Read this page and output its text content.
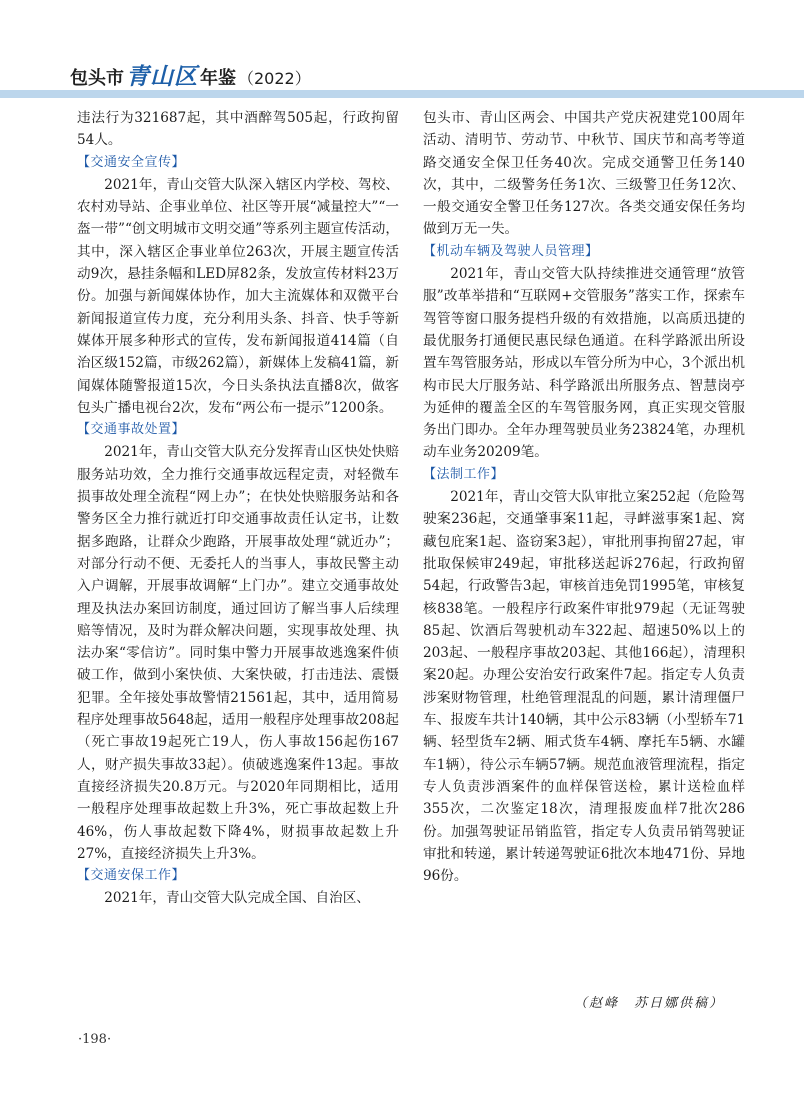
包头市青山区 年鉴 （2022）

违法行为321687起，其中酒醉驾505起，行政拘留54人。

【交通安全宣传】

2021年，青山交管大队深入辖区内学校、驾校、农村劝导站、企事业单位、社区等开展“减量控大”“一盔一带”“创文明城市文明交通”等系列主题宣传活动，其中，深入辖区企事业单位263次，开展主题宣传活动9次，悬挂条幅和LED屏82条，发放宣传材料23万份。加强与新闻媒体协作，加大主流媒体和双微平台新闻报道宣传力度，充分利用头条、抖音、快手等新媒体开展多种形式的宣传，发布新闻报道414篇（自治区级152篇，市级262篇），新媒体上发稿41篇，新闻媒体随警报道15次，今日头条执法直播8次，做客包头广播电视台2次，发布“两公布一提示”1200条。

【交通事故处置】

2021年，青山交管大队充分发挥青山区快处快赔服务站功效，全力推行交通事故远程定责，对轻微车损事故处理全流程“网上办”；在快处快赔服务站和各警务区全力推行就近打印交通事故责任认定书，让数据多跑路，让群众少跑路，开展事故处理“就近办”；对部分行动不便、无委托人的当事人，事故民警主动入户调解，开展事故调解“上门办”。建立交通事故处理及执法办案回访制度，通过回访了解当事人后续理赔等情况，及时为群众解决问题，实现事故处理、执法办案“零信访”。同时集中警力开展事故逃逸案件侦破工作，做到小案快侦、大案快破，打击违法、震慑犯罪。全年接处事故警情21561起，其中，适用简易程序处理事故5648起，适用一般程序处理事故208起（死亡事故19起死亡19人，伤人事故156起伤167人，财产损失事故33起）。侦破逃逸案件13起。事故直接经济损失20.8万元。与2020年同期相比，适用一般程序处理事故起数上升3%，死亡事故起数上升46%，伤人事故起数下降4%，财损事故起数上升27%，直接经济损失上升3%。

【交通安保工作】

2021年，青山交管大队完成全国、自治区、

包头市、青山区两会、中国共产党庆祝建党100周年活动、清明节、劳动节、中秋节、国庆节和高考等道路交通安全保卫任务40次。完成交通警卫任务140次，其中，二级警务任务1次、三级警卫任务12次、一般交通安全警卫任务127次。各类交通安保任务均做到万无一失。

【机动车辆及驾驶人员管理】

2021年，青山交管大队持续推进交通管理“放管服”改革举措和“互联网+交管服务”落实工作，探索车驾管等窗口服务提档升级的有效措施，以高质迅捷的最优服务打通便民惠民绿色通道。在科学路派出所设置车驾管服务站，形成以车管分所为中心，3个派出机构市民大厅服务站、科学路派出所服务点、智慧岗亭为延伸的覆盖全区的车驾管服务网，真正实现交管服务出门即办。全年办理驾驶员业务23824笔，办理机动车业务20209笔。

【法制工作】

2021年，青山交管大队审批立案252起（危险驾驶案236起，交通肇事案11起，寻衅滋事案1起、窝藏包庇案1起、盗窃案3起），审批刑事拘留27起，审批取保候审249起，审批移送起诉276起，行政拘留54起，行政警告3起，审核首违免罚1995笔，审核复核838笔。一般程序行政案件审批979起（无证驾驶85起、饮酒后驾驶机动车322起、超速50%以上的203起、一般程序事故203起、其他166起），清理积案20起。办理公安治安行政案件7起。指定专人负责涉案财物管理，杜绝管理混乱的问题，累计清理僵尸车、报废车共计140辆，其中公示83辆（小型轿车71辆、轻型货车2辆、厢式货车4辆、摩托车5辆、水罐车1辆），待公示车辆57辆。规范血液管理流程，指定专人负责涉酒案件的血样保管送检，累计送检血样355次，二次鉴定18次，清理报废血样7批次286份。加强驾驶证吊销监管，指定专人负责吊销驾驶证审批和转递，累计转递驾驶证6批次本地471份、异地96份。

（赵峰　苏日娜供稿）
·198·
